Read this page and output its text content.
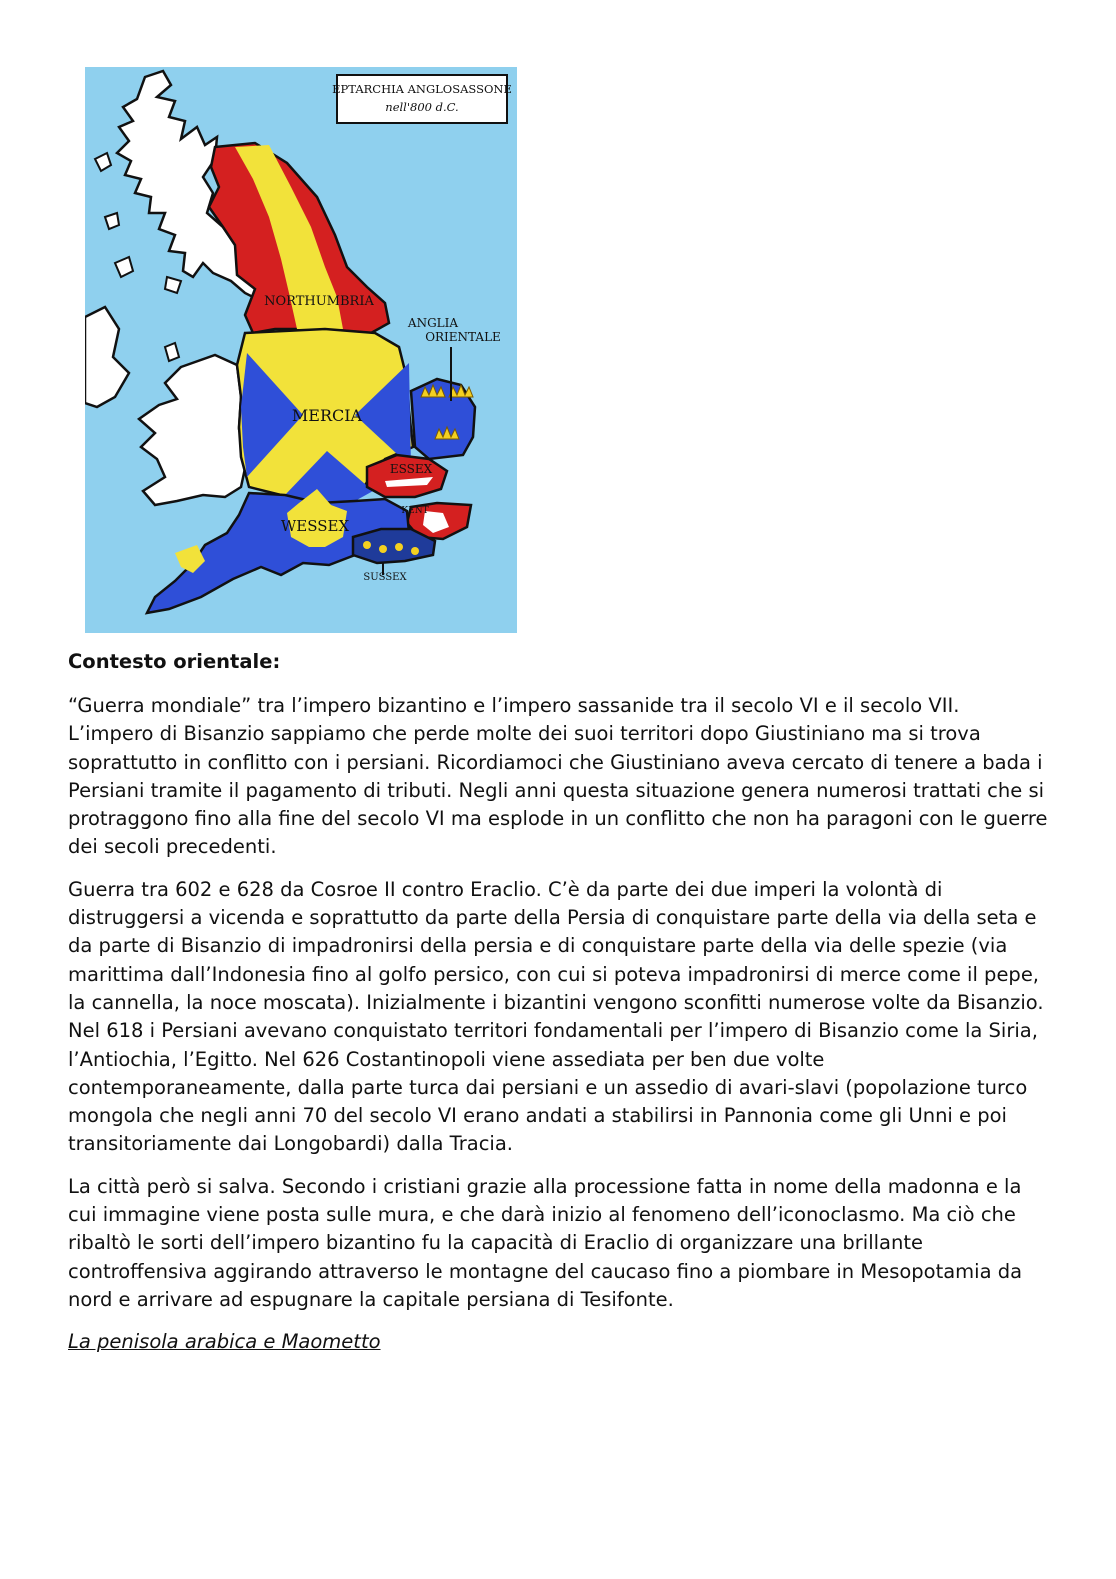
EPTARCHIA ANGLOSASSONE
nell'800 d.C.
NORTHUMBRIA
ANGLIA
ORIENTALE
MERCIA
ESSEX
KENT
WESSEX
SUSSEX

Contesto orientale:

“Guerra mondiale” tra l’impero bizantino e l’impero sassanide tra il secolo VI e il secolo VII. L’impero di Bisanzio sappiamo che perde molte dei suoi territori dopo Giustiniano ma si trova soprattutto in conflitto con i persiani. Ricordiamoci che Giustiniano aveva cercato di tenere a bada i Persiani tramite il pagamento di tributi. Negli anni questa situazione genera numerosi trattati che si protraggono fino alla fine del secolo VI ma esplode in un conflitto che non ha paragoni con le guerre dei secoli precedenti.

Guerra tra 602 e 628 da Cosroe II contro Eraclio. C’è da parte dei due imperi la volontà di distruggersi a vicenda e soprattutto da parte della Persia di conquistare parte della via della seta e da parte di Bisanzio di impadronirsi della persia e di conquistare parte della via delle spezie (via marittima dall’Indonesia fino al golfo persico, con cui si poteva impadronirsi di merce come il pepe, la cannella, la noce moscata). Inizialmente i bizantini vengono sconfitti numerose volte da Bisanzio. Nel 618 i Persiani avevano conquistato territori fondamentali per l’impero di Bisanzio come la Siria, l’Antiochia, l’Egitto. Nel 626 Costantinopoli viene assediata per ben due volte contemporaneamente, dalla parte turca dai persiani e un assedio di avari-slavi (popolazione turco mongola che negli anni 70 del secolo VI erano andati a stabilirsi in Pannonia come gli Unni e poi transitoriamente dai Longobardi) dalla Tracia.

La città però si salva. Secondo i cristiani grazie alla processione fatta in nome della madonna e la cui immagine viene posta sulle mura, e che darà inizio al fenomeno dell’iconoclasmo. Ma ciò che ribaltò le sorti dell’impero bizantino fu la capacità di Eraclio di organizzare una brillante controffensiva aggirando attraverso le montagne del caucaso fino a piombare in Mesopotamia da nord e arrivare ad espugnare la capitale persiana di Tesifonte.

La penisola arabica e Maometto
